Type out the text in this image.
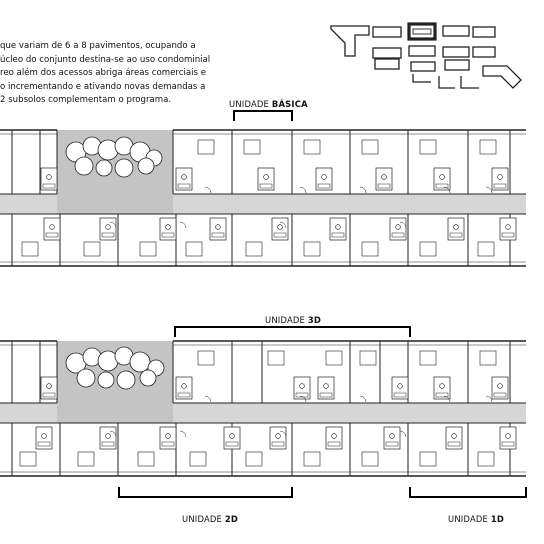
que variam de 6 a 8 pavimentos, ocupando a
úcleo do conjunto destina-se ao uso condominial
reo além dos acessos abriga áreas comerciais e
o incrementando e ativando novas demandas a
2 subsolos complementam o programa.	UNIDADE BÁSICA
UNIDADE 3D
UNIDADE 2D	UNIDADE 1D
